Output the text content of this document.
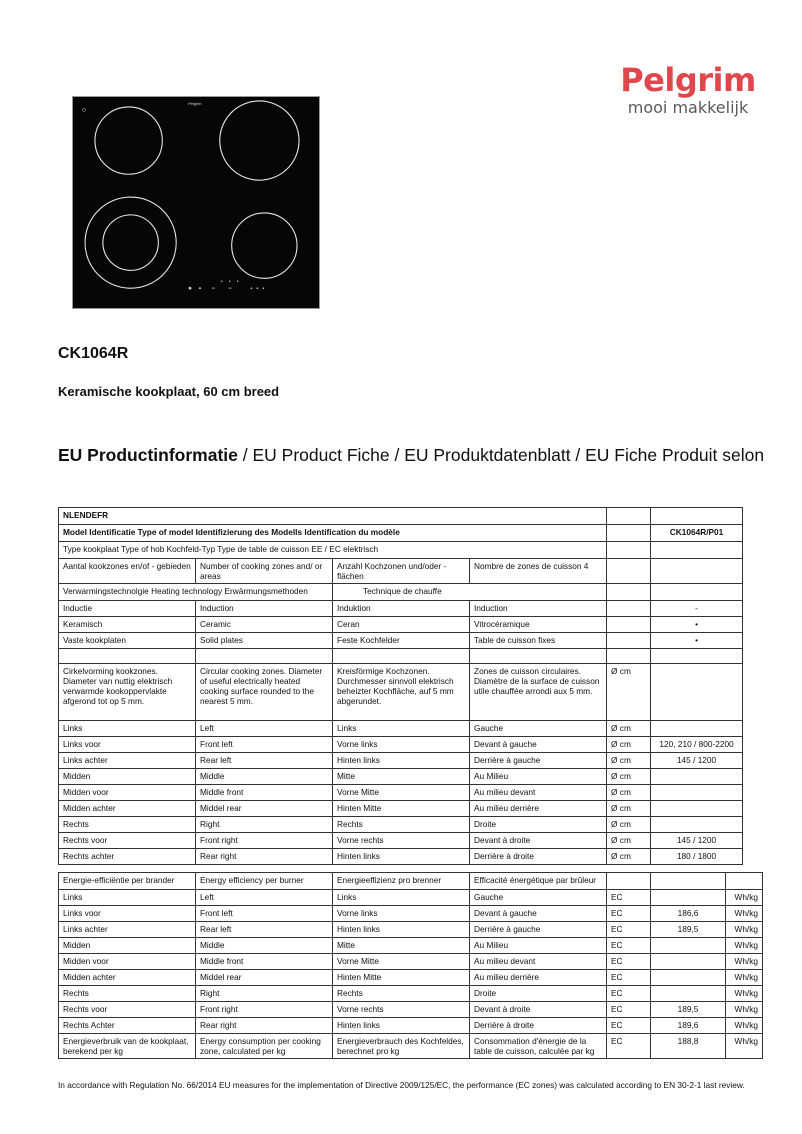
Pelgrim
mooi makkelijk
Pelgrim
CK1064R
Keramische kookplaat, 60 cm breed
EU Productinformatie / EU Product Fiche / EU Produktdatenblatt / EU Fiche Produit selon
NLENDEFR					
Model Identificatie Type of model Identifizierung des Modells Identification du modèle					CK1064R/P01
Type kookplaat Type of hob Kochfeld-Typ Type de table de cuisson EE / EC elektrisch					
Aantal kookzones en/of - gebieden	Number of cooking zones and/ or areas	Anzahl Kochzonen und/oder -flächen	Nombre de zones de cuisson 4		
Verwarmingstechnolgie Heating technology Erwärmungsmethoden		Technique de chauffe			
Inductie	Induction	Induktion	Induction		-
Keramisch	Ceramic	Ceran	Vitrocéramique		•
Vaste kookplaten	Solid plates	Feste Kochfelder	Table de cuisson fixes		•

Cirkelvorming kookzones. Diameter van nuttig elektrisch verwarmde kookoppervlakte afgerond tot op 5 mm.	Circular cooking zones. Diameter of useful electrically heated cooking surface rounded to the nearest 5 mm.	Kreisförmige Kochzonen. Durchmesser sinnvoll elektrisch beheizter Kochfläche, auf 5 mm abgerundet.	Zones de cuisson circulaires. Diamètre de la surface de cuisson utile chauffée arrondi aux 5 mm.	Ø cm	
Links	Left	Links	Gauche	Ø cm	
Links voor	Front left	Vorne links	Devant à gauche	Ø cm	120, 210 / 800-2200
Links achter	Rear left	Hinten links	Derrière à gauche	Ø cm	145 / 1200
Midden	Middle	Mitte	Au Milieu	Ø cm	
Midden voor	Middle front	Vorne Mitte	Au milieu devant	Ø cm	
Midden achter	Middel rear	Hinten Mitte	Au milieu derrière	Ø cm	
Rechts	Right	Rechts	Droite	Ø cm	
Rechts voor	Front right	Vorne rechts	Devant à droite	Ø cm	145 / 1200
Rechts achter	Rear right	Hinten links	Derrière à droite	Ø cm	180 / 1800
Energie-efficiëntie per brander	Energy efficiency per burner	Energieeffizienz pro brenner	Efficacité énergétique par brûleur			
Links	Left	Links	Gauche	EC		Wh/kg
Links voor	Front left	Vorne links	Devant à gauche	EC	186,6	Wh/kg
Links achter	Rear left	Hinten links	Derrière à gauche	EC	189,5	Wh/kg
Midden	Middle	Mitte	Au Milieu	EC		Wh/kg
Midden voor	Middle front	Vorne Mitte	Au milieu devant	EC		Wh/kg
Midden achter	Middel rear	Hinten Mitte	Au milieu derrière	EC		Wh/kg
Rechts	Right	Rechts	Droite	EC		Wh/kg
Rechts voor	Front right	Vorne rechts	Devant à droite	EC	189,5	Wh/kg
Rechts Achter	Rear right	Hinten links	Derrière à droite	EC	189,6	Wh/kg
Energieverbruik van de kookplaat, berekend per kg	Energy consumption per cooking zone, calculated per kg	Energieverbrauch des Kochfeldes, berechnet pro kg	Consommation d'énergie de la table de cuisson, calculée par kg	EC	188,8	Wh/kg
In accordance with Regulation No. 66/2014 EU measures for the implementation of Directive 2009/125/EC, the performance (EC zones) was calculated according to EN 30-2-1 last review.
